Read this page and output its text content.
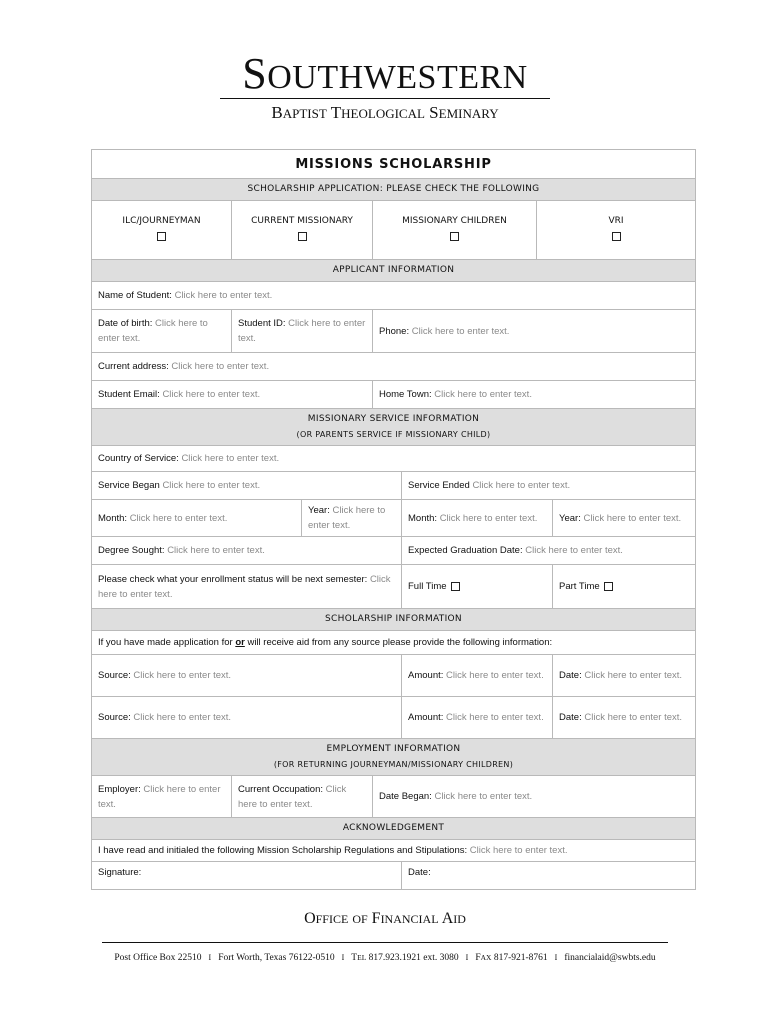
SOUTHWESTERN
BAPTIST THEOLOGICAL SEMINARY
MISSIONS SCHOLARSHIP						
SCHOLARSHIP APPLICATION: PLEASE CHECK THE FOLLOWING						

ILC/JOURNEYMAN	CURRENT MISSIONARY		MISSIONARY CHILDREN		VRI	

APPLICANT INFORMATION						
Name of Student: Click here to enter text.						
Date of birth: Click here to enter text.	Student ID: Click here to enter text.		Phone: Click here to enter text.			
Current address: Click here to enter text.						
Student Email: Click here to enter text.			Home Town: Click here to enter text.			

MISSIONARY SERVICE INFORMATION
(OR PARENTS SERVICE IF MISSIONARY CHILD)						

Country of Service: Click here to enter text.						
Service Began Click here to enter text.				Service Ended Click here to enter text.		
Month: Click here to enter text.		Year: Click here to enter text.		Month: Click here to enter text.		Year: Click here to enter text.
Degree Sought: Click here to enter text.				Expected Graduation Date: Click here to enter text.		
Please check what your enrollment status will be next semester: Click here to enter text.				Full Time		Part Time
SCHOLARSHIP INFORMATION						
If you have made application for or will receive aid from any source please provide the following information:						
Source: Click here to enter text.				Amount: Click here to enter text.		Date: Click here to enter text.
Source: Click here to enter text.				Amount: Click here to enter text.		Date: Click here to enter text.

EMPLOYMENT INFORMATION
(FOR RETURNING JOURNEYMAN/MISSIONARY CHILDREN)						

Employer: Click here to enter text.	Current Occupation: Click here to enter text.		Date Began: Click here to enter text.			
ACKNOWLEDGEMENT						
I have read and initialed the following Mission Scholarship Regulations and Stipulations: Click here to enter text.						
Signature:				Date:		
OFFICE OF FINANCIAL AID
Post Office Box 22510 I Fort Worth, Texas 76122-0510 I TEL 817.923.1921 ext. 3080 I FAX 817-921-8761 I financialaid@swbts.edu
